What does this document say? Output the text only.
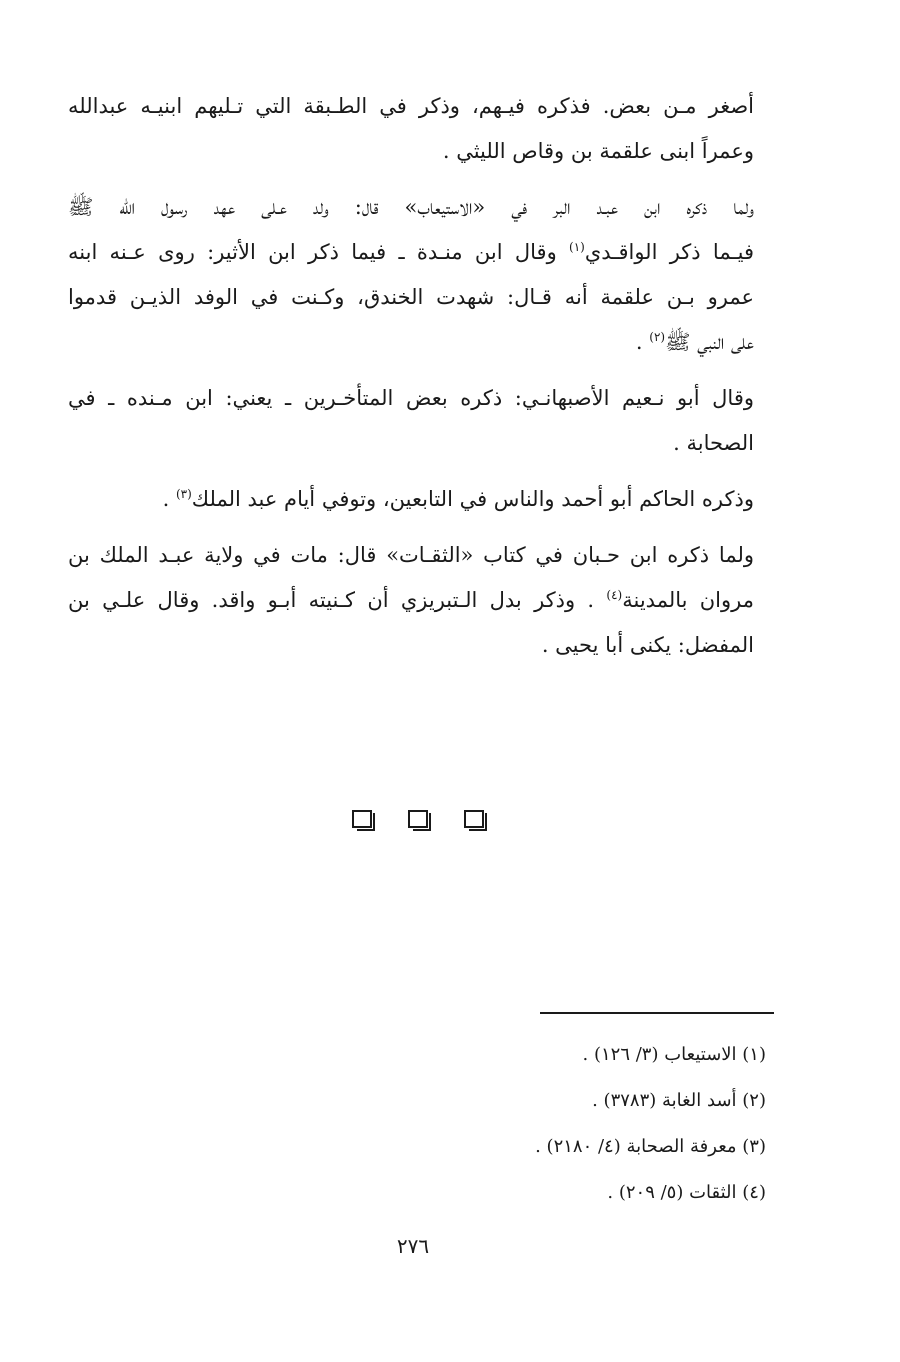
أصغر مـن بعض. فذكره فيـهم، وذكر في الطـبقة التي تـليهم ابنيـه عبدالله
وعمراً ابنى علقمة بن وقاص الليثي .

ولما ذكره ابن عبـد البر في «الاستيعاب» قال: ولد عـلى عهد رسول الله ﷺ
فيـما ذكر الواقـدي$^{(١)}$ وقال ابن منـدة ـ فيما ذكر ابن الأثير: روى عـنه ابنه
عمرو بـن علقمة أنه قـال: شهدت الخندق، وكـنت في الوفد الذيـن قدموا
على النبي ﷺ$^{(٢)}$ .

وقال أبو نـعيم الأصبهانـي: ذكره بعض المتأخـرين ـ يعني: ابن مـنده ـ في
الصحابة .

وذكره الحاكم أبو أحمد والناس في التابعين، وتوفي أيام عبد الملك$^{(٣)}$ .

ولما ذكره ابن حـبان في كتاب «الثقـات» قال: مات في ولاية عبـد الملك بن
مروان بالمدينة$^{(٤)}$ . وذكر بدل الـتبريزي أن كـنيته أبـو واقد. وقال علـي بن
المفضل: يكنى أبا يحيى .

(١) الاستيعاب (٣/ ١٢٦) .
(٢) أسد الغابة (٣٧٨٣) .
(٣) معرفة الصحابة (٤/ ٢١٨٠) .
(٤) الثقات (٥/ ٢٠٩) .
٢٧٦
